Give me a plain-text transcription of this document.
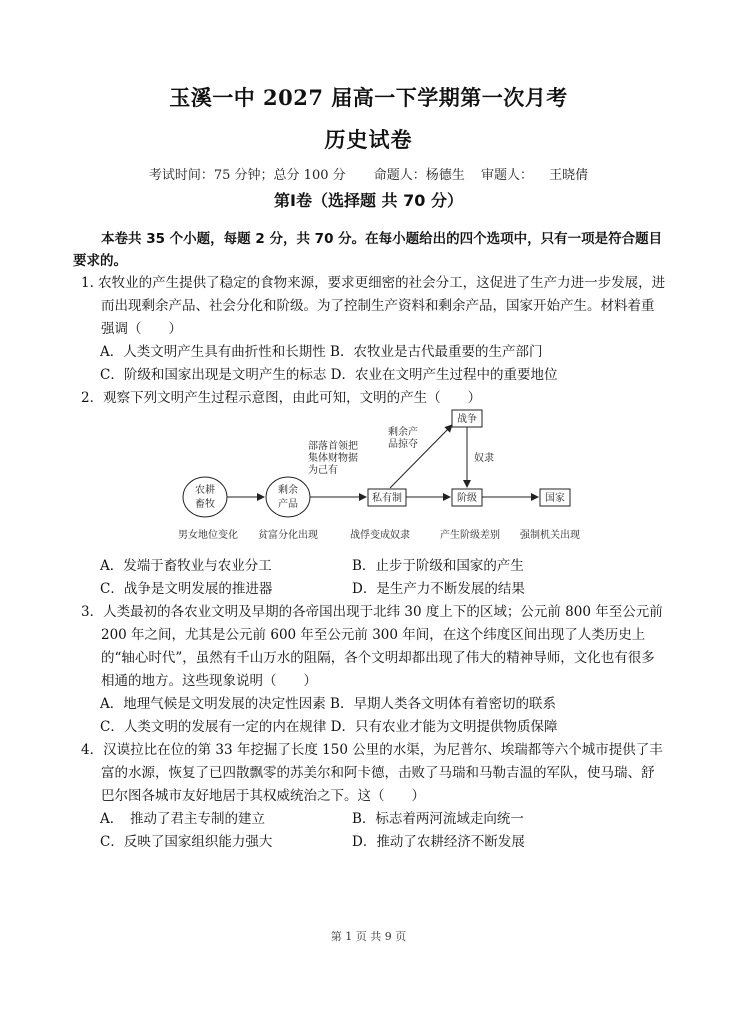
玉溪一中 2027 届高一下学期第一次月考
历史试卷
考试时间：75 分钟；总分 100 分 命题人：杨德生 审题人： 王晓倩
第Ⅰ卷（选择题 共 70 分）
本卷共 35 个小题，每题 2 分，共 70 分。在每小题给出的四个选项中，只有一项是符合题目要求的。
1. 农牧业的产生提供了稳定的食物来源，要求更细密的社会分工，这促进了生产力进一步发展，进而出现剩余产品、社会分化和阶级。为了控制生产资料和剩余产品，国家开始产生。材料着重强调（　　）
A．人类文明产生具有曲折性和长期性 B．农牧业是古代最重要的生产部门
C．阶级和国家出现是文明产生的标志 D．农业在文明产生过程中的重要地位
2．观察下列文明产生过程示意图，由此可知，文明的产生（　　）
农耕
畜牧
剩余
产品
私有制	阶级	国家
战争
部落首领把
集体财物据
为己有
剩余产
品掠夺
奴隶
男女地位变化 贫富分化出现	战俘变成奴隶	产生阶级差别 强制机关出现
A．发端于畜牧业与农业分工	B．止步于阶级和国家的产生
C．战争是文明发展的推进器	D．是生产力不断发展的结果
3．人类最初的各农业文明及早期的各帝国出现于北纬 30 度上下的区域；公元前 800 年至公元前 200 年之间，尤其是公元前 600 年至公元前 300 年间，在这个纬度区间出现了人类历史上的“轴心时代”，虽然有千山万水的阻隔，各个文明却都出现了伟大的精神导师，文化也有很多相通的地方。这些现象说明（　　）
A．地理气候是文明发展的决定性因素 B．早期人类各文明体有着密切的联系
C．人类文明的发展有一定的内在规律 D．只有农业才能为文明提供物质保障
4．汉谟拉比在位的第 33 年挖掘了长度 150 公里的水渠，为尼普尔、埃瑞都等六个城市提供了丰富的水源，恢复了已四散飘零的苏美尔和阿卡德，击败了马瑞和马勒吉温的军队，使马瑞、舒巴尔图各城市友好地居于其权威统治之下。这（　　）
A．　推动了君主专制的建立	B．标志着两河流域走向统一
C．反映了国家组织能力强大	D．推动了农耕经济不断发展
第 1 页 共 9 页
